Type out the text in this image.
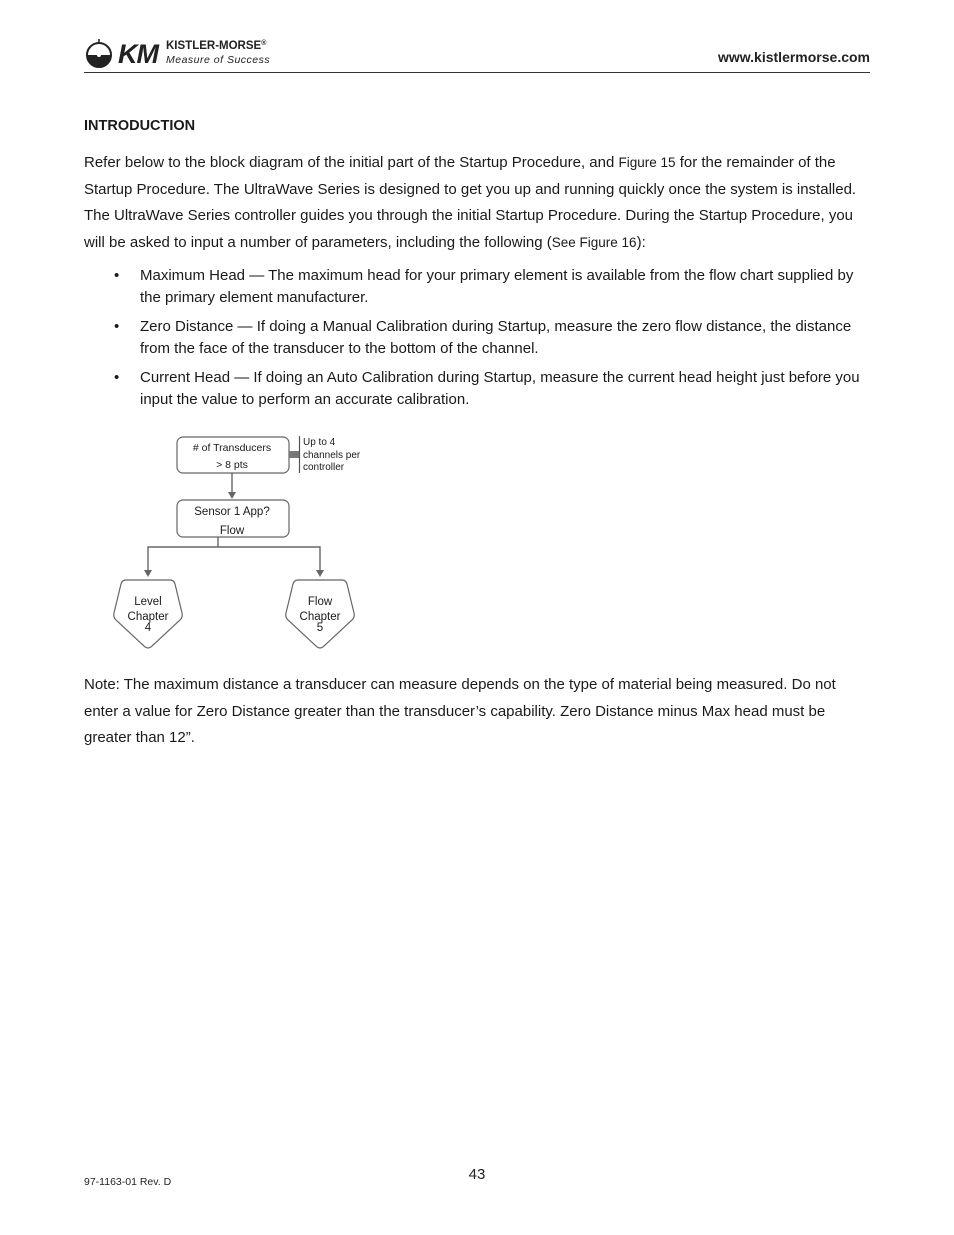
KM KISTLER-MORSE®
Measure of Success	www.kistlermorse.com
INTRODUCTION

Refer below to the block diagram of the initial part of the Startup Procedure, and Figure 15 for the remainder of the Startup Procedure. The UltraWave Series is designed to get you up and running quickly once the system is installed. The UltraWave Series controller guides you through the initial Startup Procedure. During the Startup Procedure, you will be asked to input a number of parameters, including the following (See Figure 16):

• Maximum Head — The maximum head for your primary element is available from the flow chart supplied by the primary element manufacturer.
• Zero Distance — If doing a Manual Calibration during Startup, measure the zero flow distance, the distance from the face of the transducer to the bottom of the channel.
• Current Head — If doing an Auto Calibration during Startup, measure the current head height just before you input the value to perform an accurate calibration.
# of Transducers
> 8 pts
Up to 4
channels per
controller
Sensor 1 App?
Flow
Level
Chapter
4
Flow
Chapter
5

Note: The maximum distance a transducer can measure depends on the type of material being measured. Do not enter a value for Zero Distance greater than the transducer’s capability. Zero Distance minus Max head must be greater than 12”.

43
97-1163-01 Rev. D
